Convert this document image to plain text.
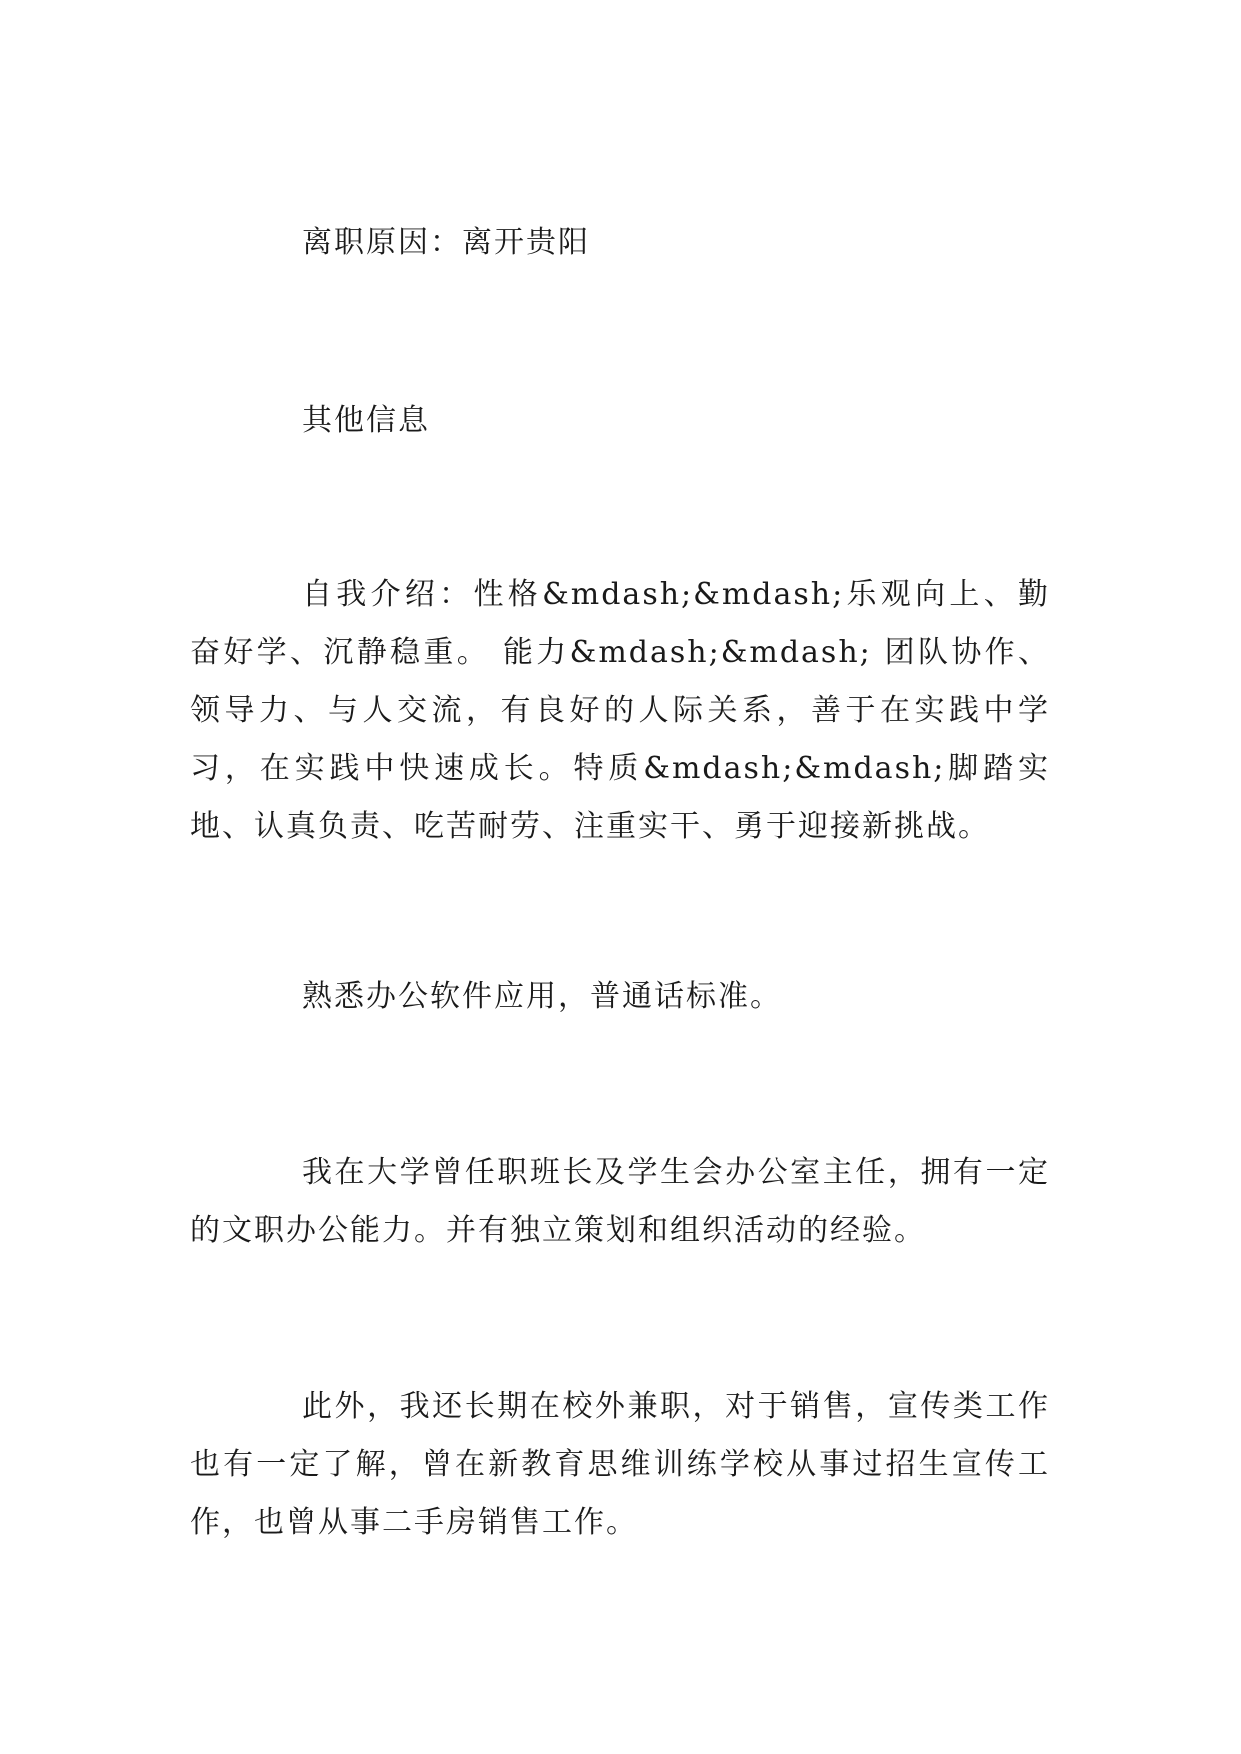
离职原因：离开贵阳

其他信息

自我介绍：性格&mdash;&mdash;乐观向上、勤奋好学、沉静稳重。 能力&mdash;&mdash; 团队协作、领导力、与人交流，有良好的人际关系，善于在实践中学习，在实践中快速成长。特质&mdash;&mdash;脚踏实地、认真负责、吃苦耐劳、注重实干、勇于迎接新挑战。

熟悉办公软件应用，普通话标准。

我在大学曾任职班长及学生会办公室主任，拥有一定的文职办公能力。并有独立策划和组织活动的经验。

此外，我还长期在校外兼职，对于销售，宣传类工作也有一定了解，曾在新教育思维训练学校从事过招生宣传工作，也曾从事二手房销售工作。
